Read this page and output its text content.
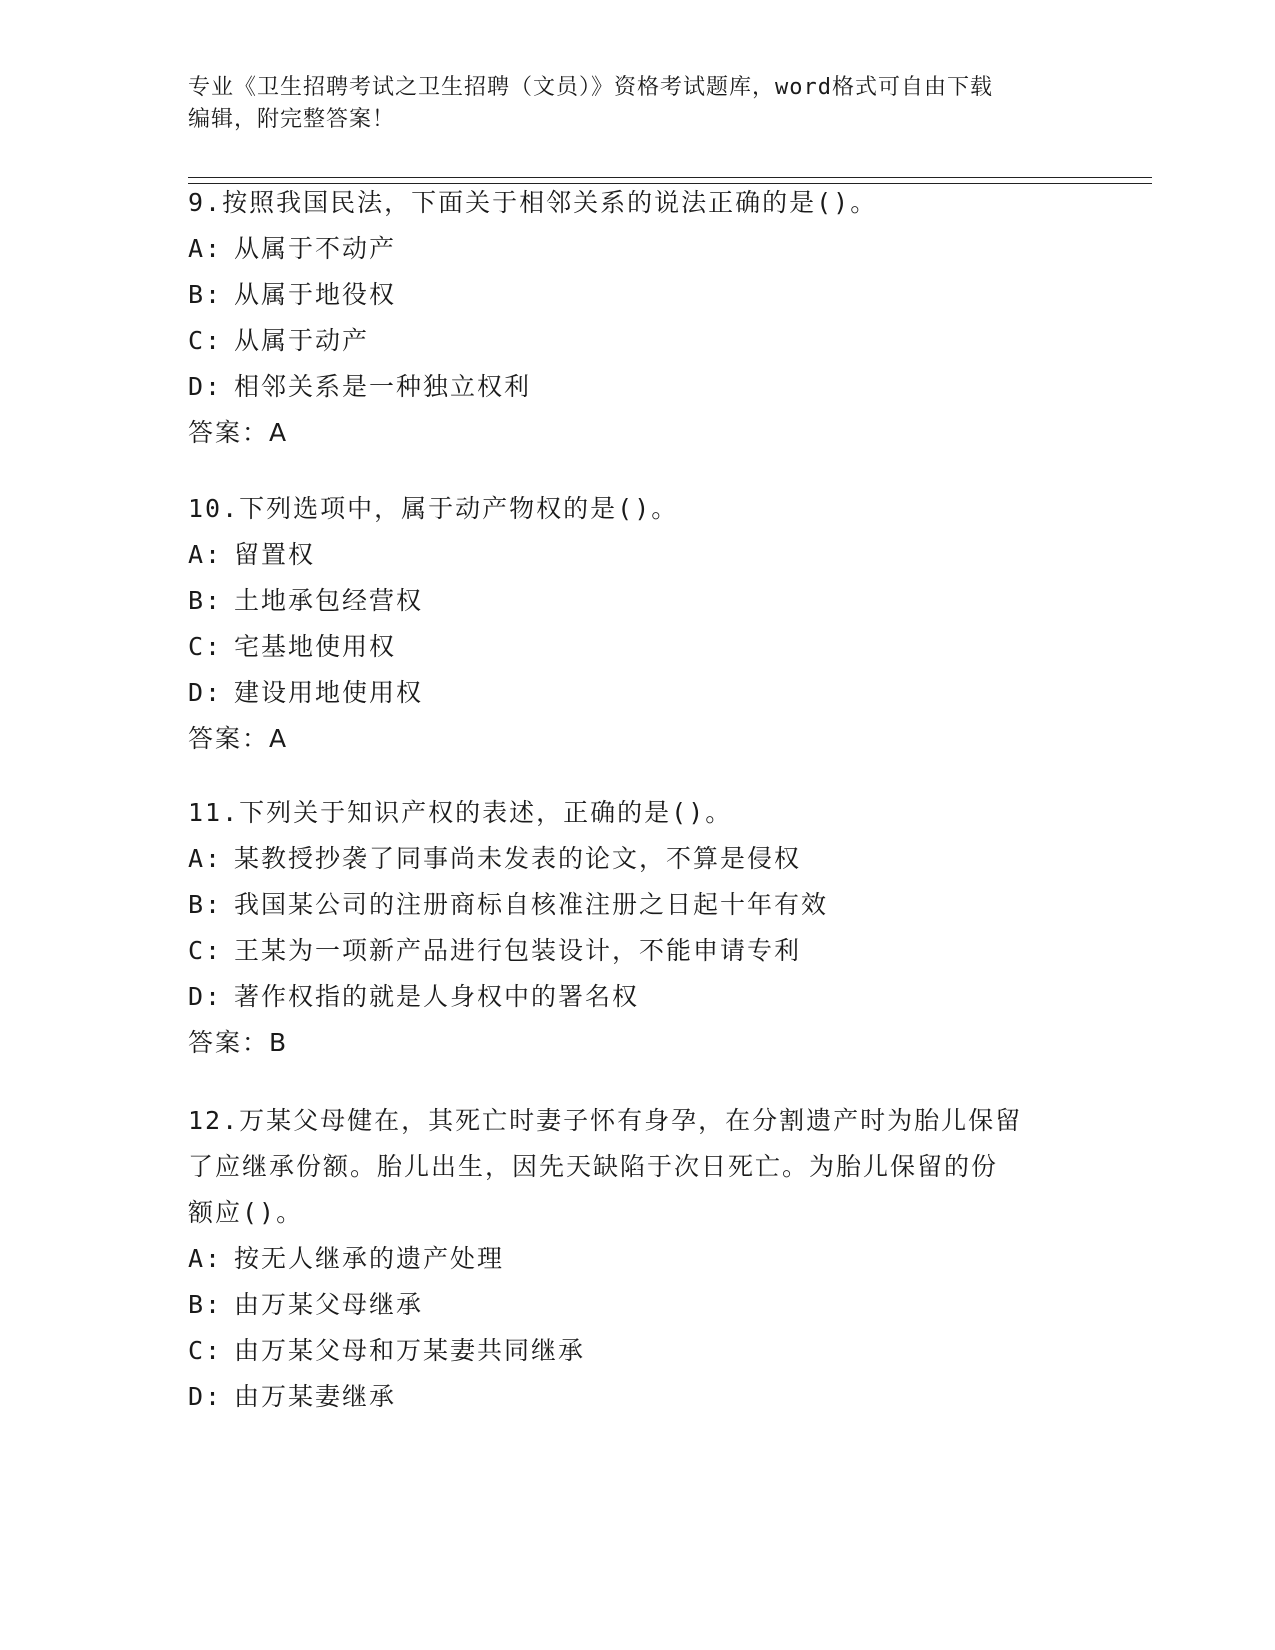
专业《卫生招聘考试之卫生招聘（文员）》资格考试题库，word格式可自由下载
编辑，附完整答案！
9.按照我国民法，下面关于相邻关系的说法正确的是()。
A: 从属于不动产
B: 从属于地役权
C: 从属于动产
D: 相邻关系是一种独立权利
答案：A
10.下列选项中，属于动产物权的是()。
A: 留置权
B: 土地承包经营权
C: 宅基地使用权
D: 建设用地使用权
答案：A
11.下列关于知识产权的表述，正确的是()。
A: 某教授抄袭了同事尚未发表的论文，不算是侵权
B: 我国某公司的注册商标自核准注册之日起十年有效
C: 王某为一项新产品进行包装设计，不能申请专利
D: 著作权指的就是人身权中的署名权
答案：B
12.万某父母健在，其死亡时妻子怀有身孕，在分割遗产时为胎儿保留
了应继承份额。胎儿出生，因先天缺陷于次日死亡。为胎儿保留的份
额应()。
A: 按无人继承的遗产处理
B: 由万某父母继承
C: 由万某父母和万某妻共同继承
D: 由万某妻继承
